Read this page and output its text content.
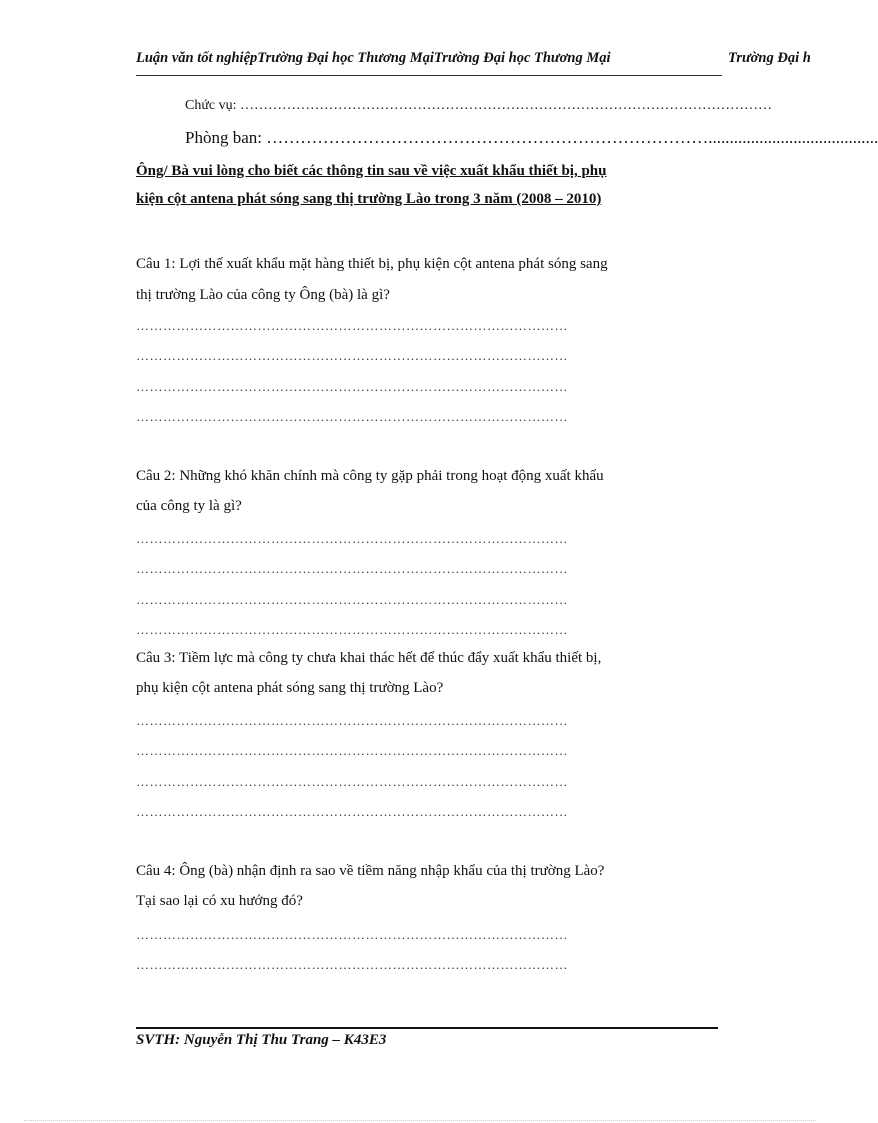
Luận văn tốt nghiệpTrường Đại học Thương MạiTrường Đại học Thương Mại	Trường Đại h
Chức vụ: ……………………………………………………………………………………………………
Phòng ban: ……………………………………………………………………........................................
Ông/ Bà vui lòng cho biết các thông tin sau về việc xuất khẩu thiết bị, phụ
kiện cột antena phát sóng sang thị trường Lào trong 3 năm (2008 – 2010)
Câu 1: Lợi thế xuất khẩu mặt hàng thiết bị, phụ kiện cột antena phát sóng sang
thị trường Lào của công ty Ông (bà) là gì?
……………………………………………………………………………………
……………………………………………………………………………………
……………………………………………………………………………………
……………………………………………………………………………………
Câu 2: Những khó khăn chính mà công ty gặp phải trong hoạt động xuất khẩu
của công ty là gì?
……………………………………………………………………………………
……………………………………………………………………………………
……………………………………………………………………………………
……………………………………………………………………………………
Câu 3: Tiềm lực mà công ty chưa khai thác hết để thúc đẩy xuất khẩu thiết bị,
phụ kiện cột antena phát sóng sang thị trường Lào?
……………………………………………………………………………………
……………………………………………………………………………………
……………………………………………………………………………………
……………………………………………………………………………………
Câu 4: Ông (bà) nhận định ra sao về tiềm năng nhập khẩu của thị trường Lào?
Tại sao lại có xu hướng đó?
……………………………………………………………………………………
……………………………………………………………………………………
SVTH: Nguyễn Thị Thu Trang – K43E3
